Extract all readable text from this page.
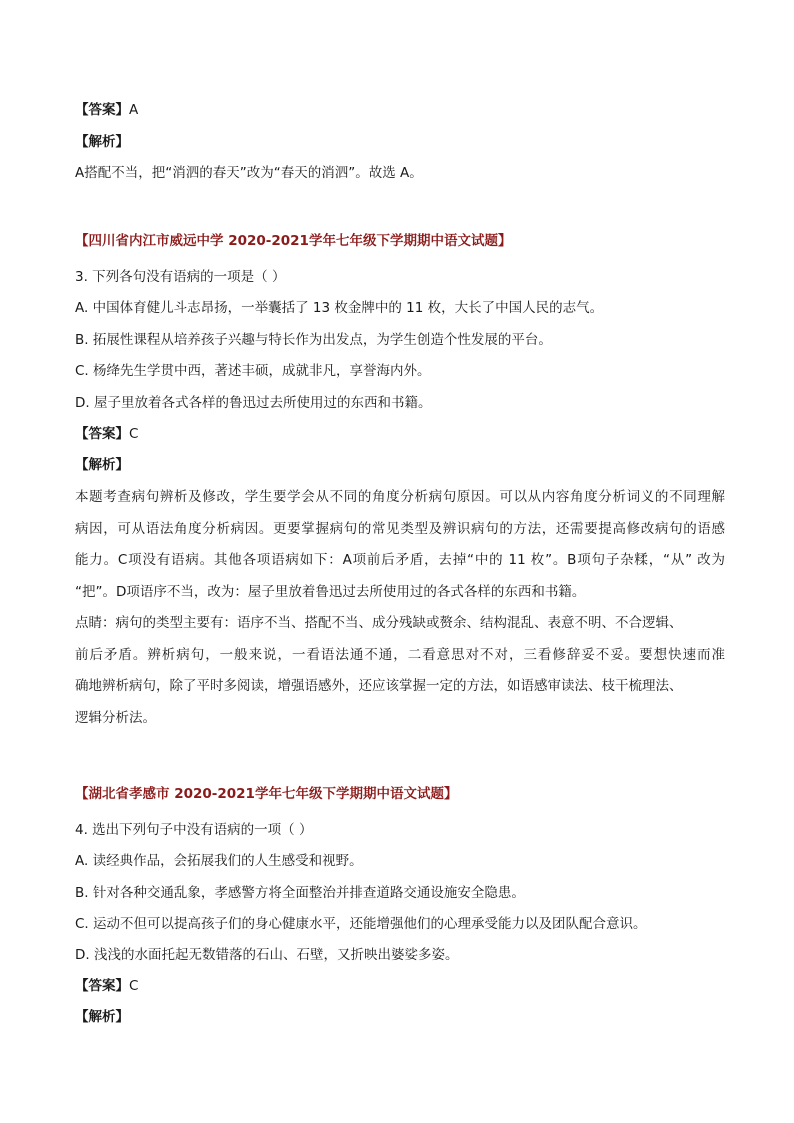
【答案】A
【解析】
A搭配不当，把“消泗的春天”改为“春天的消泗”。故选 A。
【四川省内江市威远中学 2020-2021学年七年级下学期期中语文试题】
3. 下列各句没有语病的一项是（ ）
A. 中国体育健儿斗志昂扬，一举囊括了 13 枚金牌中的 11 枚，大长了中国人民的志气。
B. 拓展性课程从培养孩子兴趣与特长作为出发点，为学生创造个性发展的平台。
C. 杨绛先生学贯中西，著述丰硕，成就非凡，享誉海内外。
D. 屋子里放着各式各样的鲁迅过去所使用过的东西和书籍。
【答案】C
【解析】
本题考查病句辨析及修改，学生要学会从不同的角度分析病句原因。可以从内容角度分析词义的不同理解
病因，可从语法角度分析病因。更要掌握病句的常见类型及辨识病句的方法，还需要提高修改病句的语感
能力。C项没有语病。其他各项语病如下：A项前后矛盾，去掉“中的 11 枚”。B项句子杂糅，“从” 改为
“把”。D项语序不当，改为：屋子里放着鲁迅过去所使用过的各式各样的东西和书籍。
点睛：病句的类型主要有：语序不当、搭配不当、成分残缺或赘余、结构混乱、表意不明、不合逻辑、
前后矛盾。辨析病句，一般来说，一看语法通不通，二看意思对不对，三看修辞妥不妥。要想快速而准
确地辨析病句，除了平时多阅读，增强语感外，还应该掌握一定的方法，如语感审读法、枝干梳理法、
逻辑分析法。
【湖北省孝感市 2020-2021学年七年级下学期期中语文试题】
4. 选出下列句子中没有语病的一项（ ）
A. 读经典作品，会拓展我们的人生感受和视野。
B. 针对各种交通乱象，孝感警方将全面整治并排查道路交通设施安全隐患。
C. 运动不但可以提高孩子们的身心健康水平，还能增强他们的心理承受能力以及团队配合意识。
D. 浅浅的水面托起无数错落的石山、石壁，又折映出婆娑多姿。
【答案】C
【解析】
